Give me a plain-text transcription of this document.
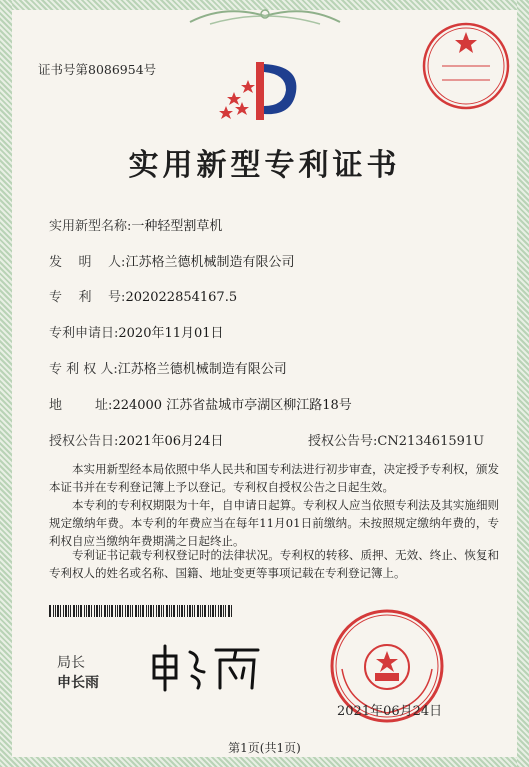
证书号第8086954号
实用新型专利证书
实用新型名称:一种轻型割草机
发    明    人:江苏格兰德机械制造有限公司
专    利    号:202022854167.5
专利申请日:2020年11月01日
专 利 权 人:江苏格兰德机械制造有限公司
地        址:224000 江苏省盐城市亭湖区柳江路18号
授权公告日:2021年06月24日	授权公告号:CN213461591U
本实用新型经本局依照中华人民共和国专利法进行初步审查，决定授予专利权，颁发本证书并在专利登记簿上予以登记。专利权自授权公告之日起生效。
本专利的专利权期限为十年，自申请日起算。专利权人应当依照专利法及其实施细则规定缴纳年费。本专利的年费应当在每年11月01日前缴纳。未按照规定缴纳年费的，专利权自应当缴纳年费期满之日起终止。
专利证书记载专利权登记时的法律状况。专利权的转移、质押、无效、终止、恢复和专利权人的姓名或名称、国籍、地址变更等事项记载在专利登记簿上。
局长
申长雨
2021年06月24日
第1页(共1页)
